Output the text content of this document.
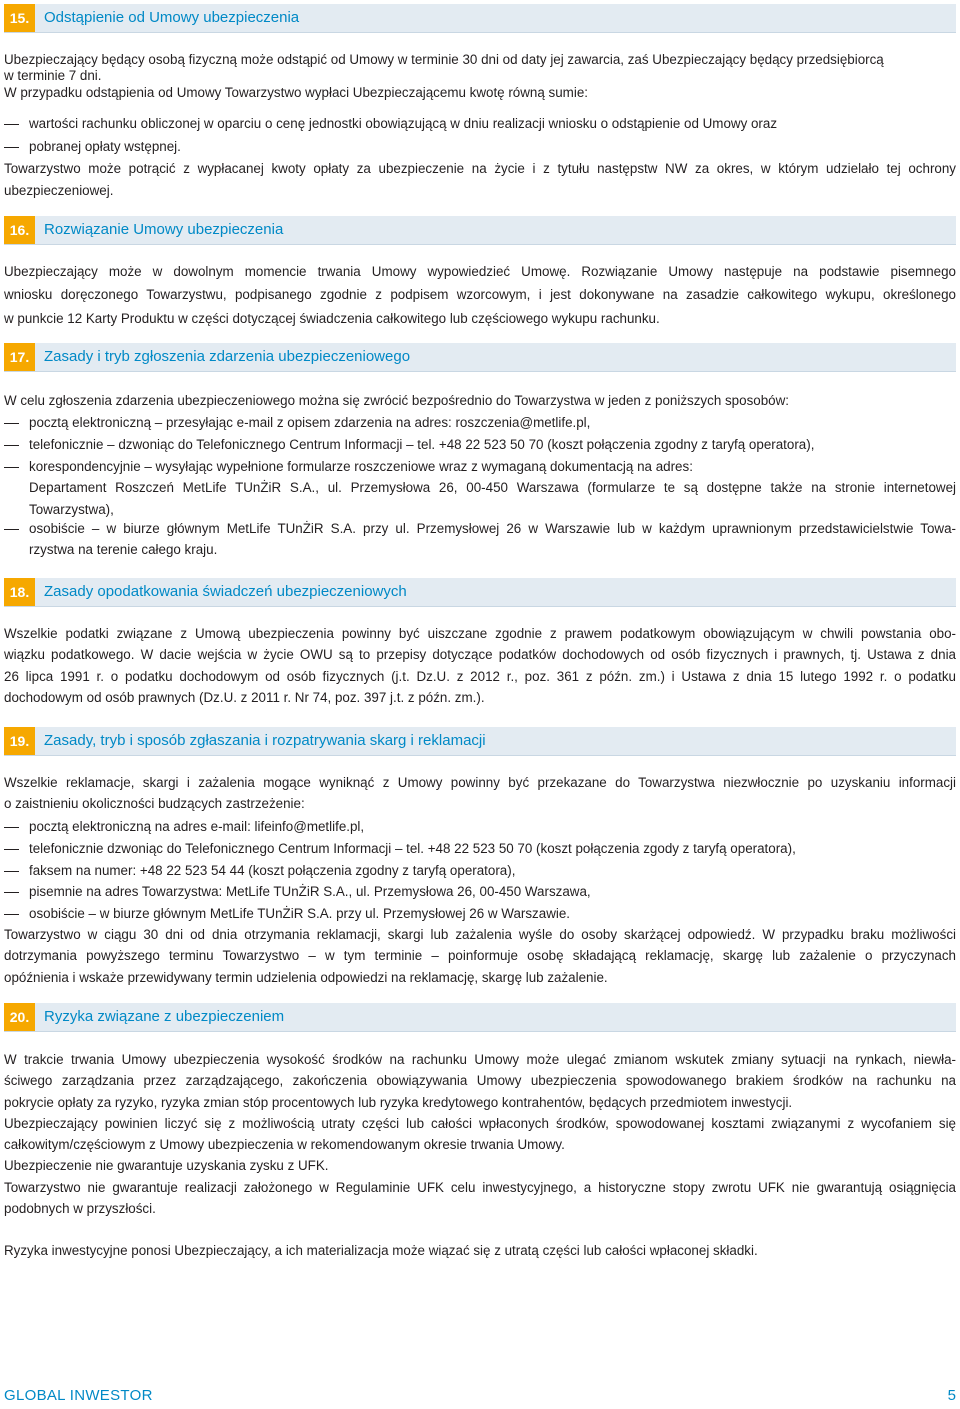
15. Odstąpienie od Umowy ubezpieczenia
Ubezpieczający będący osobą fizyczną może odstąpić od Umowy w terminie 30 dni od daty jej zawarcia, zaś Ubezpieczający będący przedsiębiorcą
w terminie 7 dni.
W przypadku odstąpienia od Umowy Towarzystwo wypłaci Ubezpieczającemu kwotę równą sumie:
wartości rachunku obliczonej w oparciu o cenę jednostki obowiązującą w dniu realizacji wniosku o odstąpienie od Umowy oraz
pobranej opłaty wstępnej.
Towarzystwo może potrącić z wypłacanej kwoty opłaty za ubezpieczenie na życie i z tytułu następstw NW za okres, w którym udzielało tej ochrony
ubezpieczeniowej.
16. Rozwiązanie Umowy ubezpieczenia
Ubezpieczający może w dowolnym momencie trwania Umowy wypowiedzieć Umowę. Rozwiązanie Umowy następuje na podstawie pisemnego
wniosku doręczonego Towarzystwu, podpisanego zgodnie z podpisem wzorcowym, i jest dokonywane na zasadzie całkowitego wykupu, określonego
w punkcie 12 Karty Produktu w części dotyczącej świadczenia całkowitego lub częściowego wykupu rachunku.
17. Zasady i tryb zgłoszenia zdarzenia ubezpieczeniowego
W celu zgłoszenia zdarzenia ubezpieczeniowego można się zwrócić bezpośrednio do Towarzystwa w jeden z poniższych sposobów:
pocztą elektroniczną – przesyłając e-mail z opisem zdarzenia na adres: roszczenia@metlife.pl,
telefonicznie – dzwoniąc do Telefonicznego Centrum Informacji – tel. +48 22 523 50 70 (koszt połączenia zgodny z taryfą operatora),
korespondencyjnie – wysyłając wypełnione formularze roszczeniowe wraz z wymaganą dokumentacją na adres:
Departament Roszczeń MetLife TUnŻiR S.A., ul. Przemysłowa 26, 00-450 Warszawa (formularze te są dostępne także na stronie internetowej
Towarzystwa),
osobiście – w biurze głównym MetLife TUnŻiR S.A. przy ul. Przemysłowej 26 w Warszawie lub w każdym uprawnionym przedstawicielstwie Towa-
rzystwa na terenie całego kraju.
18. Zasady opodatkowania świadczeń ubezpieczeniowych
Wszelkie podatki związane z Umową ubezpieczenia powinny być uiszczane zgodnie z prawem podatkowym obowiązującym w chwili powstania obo-
wiązku podatkowego. W dacie wejścia w życie OWU są to przepisy dotyczące podatków dochodowych od osób fizycznych i prawnych, tj. Ustawa z dnia
26 lipca 1991 r. o podatku dochodowym od osób fizycznych (j.t. Dz.U. z 2012 r., poz. 361 z późn. zm.) i Ustawa z dnia 15 lutego 1992 r. o podatku
dochodowym od osób prawnych (Dz.U. z 2011 r. Nr 74, poz. 397 j.t. z późn. zm.).
19. Zasady, tryb i sposób zgłaszania i rozpatrywania skarg i reklamacji
Wszelkie reklamacje, skargi i zażalenia mogące wyniknąć z Umowy powinny być przekazane do Towarzystwa niezwłocznie po uzyskaniu informacji
o zaistnieniu okoliczności budzących zastrzeżenie:
pocztą elektroniczną na adres e-mail: lifeinfo@metlife.pl,
telefonicznie dzwoniąc do Telefonicznego Centrum Informacji – tel. +48 22 523 50 70 (koszt połączenia zgody z taryfą operatora),
faksem na numer: +48 22 523 54 44 (koszt połączenia zgodny z taryfą operatora),
pisemnie na adres Towarzystwa: MetLife TUnŻiR S.A., ul. Przemysłowa 26, 00-450 Warszawa,
osobiście – w biurze głównym MetLife TUnŻiR S.A. przy ul. Przemysłowej 26 w Warszawie.
Towarzystwo w ciągu 30 dni od dnia otrzymania reklamacji, skargi lub zażalenia wyśle do osoby skarżącej odpowiedź. W przypadku braku możliwości
dotrzymania powyższego terminu Towarzystwo – w tym terminie – poinformuje osobę składającą reklamację, skargę lub zażalenie o przyczynach
opóźnienia i wskaże przewidywany termin udzielenia odpowiedzi na reklamację, skargę lub zażalenie.
20. Ryzyka związane z ubezpieczeniem
W trakcie trwania Umowy ubezpieczenia wysokość środków na rachunku Umowy może ulegać zmianom wskutek zmiany sytuacji na rynkach, niewła-
ściwego zarządzania przez zarządzającego, zakończenia obowiązywania Umowy ubezpieczenia spowodowanego brakiem środków na rachunku na
pokrycie opłaty za ryzyko, ryzyka zmian stóp procentowych lub ryzyka kredytowego kontrahentów, będących przedmiotem inwestycji.
Ubezpieczający powinien liczyć się z możliwością utraty części lub całości wpłaconych środków, spowodowanej kosztami związanymi z wycofaniem się
całkowitym/częściowym z Umowy ubezpieczenia w rekomendowanym okresie trwania Umowy.
Ubezpieczenie nie gwarantuje uzyskania zysku z UFK.
Towarzystwo nie gwarantuje realizacji założonego w Regulaminie UFK celu inwestycyjnego, a historyczne stopy zwrotu UFK nie gwarantują osiągnięcia
podobnych w przyszłości.
Ryzyka inwestycyjne ponosi Ubezpieczający, a ich materializacja może wiązać się z utratą części lub całości wpłaconej składki.
GLOBAL INWESTOR	5
